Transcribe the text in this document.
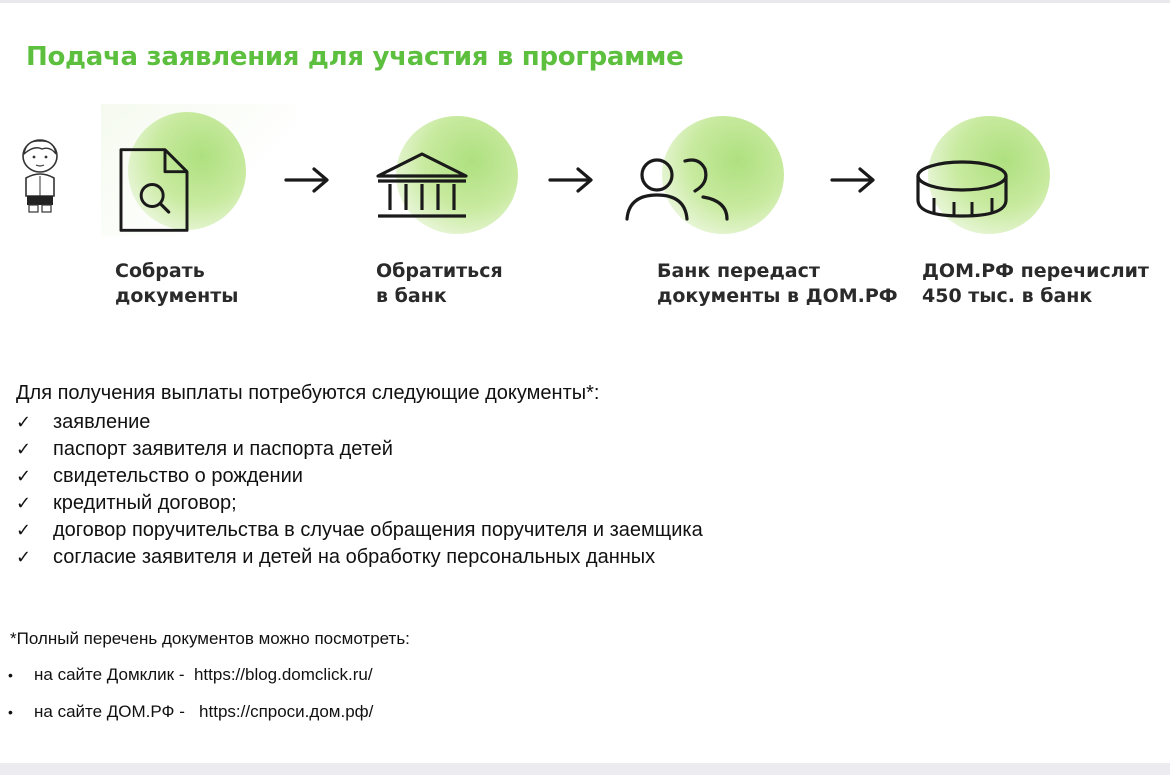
Подача заявления для участия в программе
Собрать
документы
Обратиться
в банк
Банк передаст
документы в ДОМ.РФ
ДОМ.РФ перечислит
450 тыс. в банк
Для получения выплаты потребуются следующие документы*:
✓ заявление
✓ паспорт заявителя и паспорта детей
✓ свидетельство о рождении
✓ кредитный договор;
✓ договор поручительства в случае обращения поручителя и заемщика
✓ согласие заявителя и детей на обработку персональных данных
*Полный перечень документов можно посмотреть:
• на сайте Домклик - https://blog.domclick.ru/
• на сайте ДОМ.РФ - https://спроси.дом.рф/
